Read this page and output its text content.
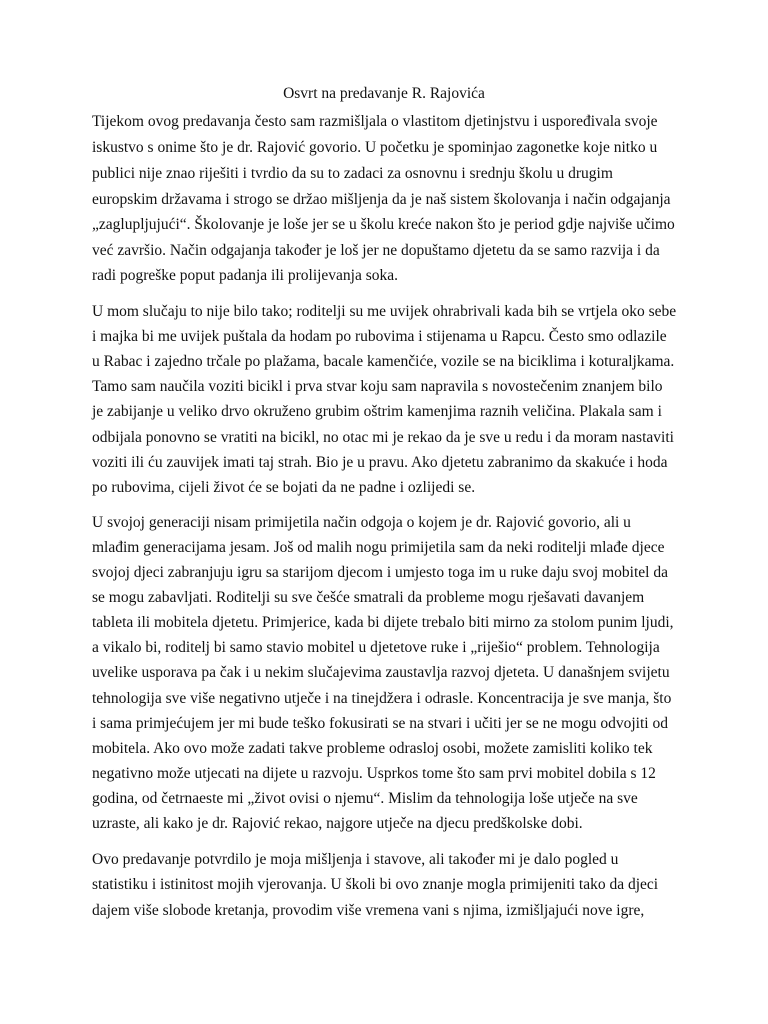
Osvrt na predavanje R. Rajovića

Tijekom ovog predavanja često sam razmišljala o vlastitom djetinjstvu i uspoređivala svoje

iskustvo s onime što je dr. Rajović govorio. U početku je spominjao zagonetke koje nitko u

publici nije znao riješiti i tvrdio da su to zadaci za osnovnu i srednju školu u drugim

europskim državama i strogo se držao mišljenja da je naš sistem školovanja i način odgajanja

„zaglupljujući“. Školovanje je loše jer se u školu kreće nakon što je period gdje najviše učimo

već završio. Način odgajanja također je loš jer ne dopuštamo djetetu da se samo razvija i da

radi pogreške poput padanja ili prolijevanja soka.

U mom slučaju to nije bilo tako; roditelji su me uvijek ohrabrivali kada bih se vrtjela oko sebe

i majka bi me uvijek puštala da hodam po rubovima i stijenama u Rapcu. Često smo odlazile

u Rabac i zajedno trčale po plažama, bacale kamenčiće, vozile se na biciklima i koturaljkama.

Tamo sam naučila voziti bicikl i prva stvar koju sam napravila s novostečenim znanjem bilo

je zabijanje u veliko drvo okruženo grubim oštrim kamenjima raznih veličina. Plakala sam i

odbijala ponovno se vratiti na bicikl, no otac mi je rekao da je sve u redu i da moram nastaviti

voziti ili ću zauvijek imati taj strah. Bio je u pravu. Ako djetetu zabranimo da skakuće i hoda

po rubovima, cijeli život će se bojati da ne padne i ozlijedi se.

U svojoj generaciji nisam primijetila način odgoja o kojem je dr. Rajović govorio, ali u

mlađim generacijama jesam. Još od malih nogu primijetila sam da neki roditelji mlađe djece

svojoj djeci zabranjuju igru sa starijom djecom i umjesto toga im u ruke daju svoj mobitel da

se mogu zabavljati. Roditelji su sve češće smatrali da probleme mogu rješavati davanjem

tableta ili mobitela djetetu. Primjerice, kada bi dijete trebalo biti mirno za stolom punim ljudi,

a vikalo bi, roditelj bi samo stavio mobitel u djetetove ruke i „riješio“ problem. Tehnologija

uvelike usporava pa čak i u nekim slučajevima zaustavlja razvoj djeteta. U današnjem svijetu

tehnologija sve više negativno utječe i na tinejdžera i odrasle. Koncentracija je sve manja, što

i sama primjećujem jer mi bude teško fokusirati se na stvari i učiti jer se ne mogu odvojiti od

mobitela. Ako ovo može zadati takve probleme odrasloj osobi, možete zamisliti koliko tek

negativno može utjecati na dijete u razvoju. Usprkos tome što sam prvi mobitel dobila s 12

godina, od četrnaeste mi „život ovisi o njemu“. Mislim da tehnologija loše utječe na sve

uzraste, ali kako je dr. Rajović rekao, najgore utječe na djecu predškolske dobi.

Ovo predavanje potvrdilo je moja mišljenja i stavove, ali također mi je dalo pogled u

statistiku i istinitost mojih vjerovanja. U školi bi ovo znanje mogla primijeniti tako da djeci

dajem više slobode kretanja, provodim više vremena vani s njima, izmišljajući nove igre,
